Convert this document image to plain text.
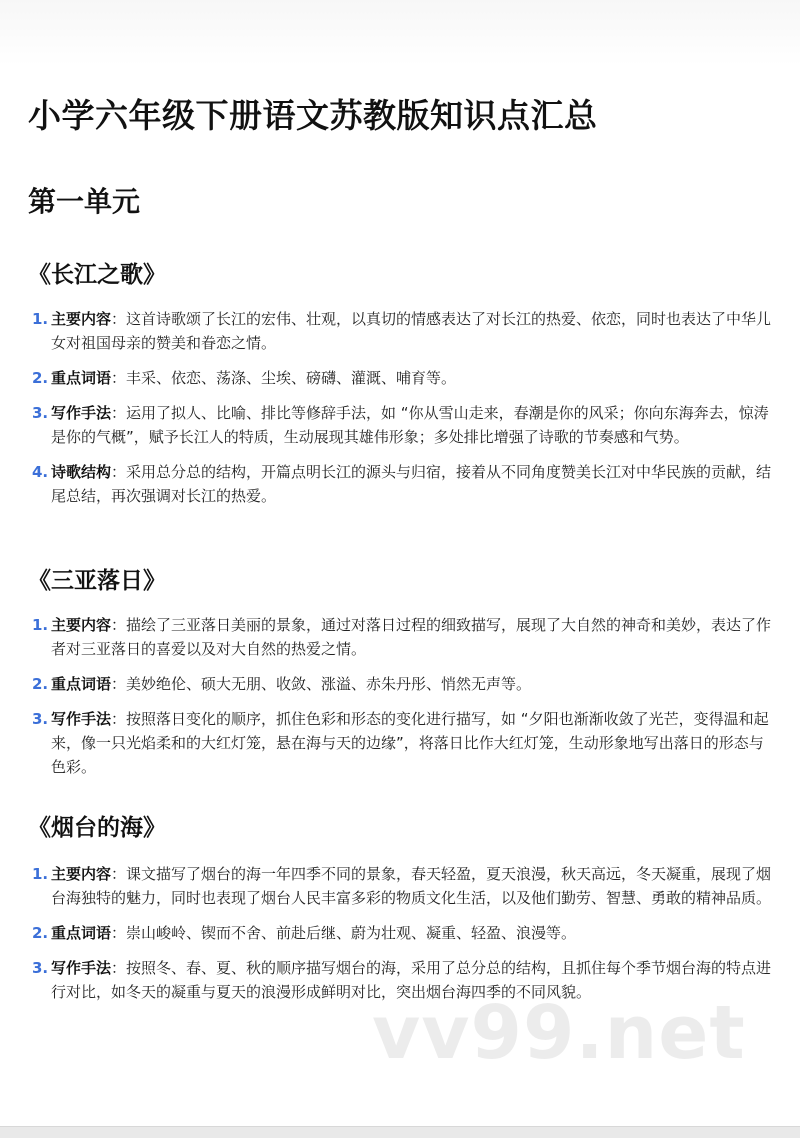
小学六年级下册语文苏教版知识点汇总
第一单元
《长江之歌》
1. 主要内容：这首诗歌颂了长江的宏伟、壮观，以真切的情感表达了对长江的热爱、依恋，同时也表达了中华儿女对祖国母亲的赞美和眷恋之情。
2. 重点词语：丰采、依恋、荡涤、尘埃、磅礴、灌溉、哺育等。
3. 写作手法：运用了拟人、比喻、排比等修辞手法，如 “你从雪山走来，春潮是你的风采；你向东海奔去，惊涛是你的气概”，赋予长江人的特质，生动展现其雄伟形象；多处排比增强了诗歌的节奏感和气势。
4. 诗歌结构：采用总分总的结构，开篇点明长江的源头与归宿，接着从不同角度赞美长江对中华民族的贡献，结尾总结，再次强调对长江的热爱。
《三亚落日》
1. 主要内容：描绘了三亚落日美丽的景象，通过对落日过程的细致描写，展现了大自然的神奇和美妙，表达了作者对三亚落日的喜爱以及对大自然的热爱之情。
2. 重点词语：美妙绝伦、硕大无朋、收敛、涨溢、赤朱丹彤、悄然无声等。
3. 写作手法：按照落日变化的顺序，抓住色彩和形态的变化进行描写，如 “夕阳也渐渐收敛了光芒，变得温和起来，像一只光焰柔和的大红灯笼，悬在海与天的边缘”，将落日比作大红灯笼，生动形象地写出落日的形态与色彩。
《烟台的海》
1. 主要内容：课文描写了烟台的海一年四季不同的景象，春天轻盈，夏天浪漫，秋天高远，冬天凝重，展现了烟台海独特的魅力，同时也表现了烟台人民丰富多彩的物质文化生活，以及他们勤劳、智慧、勇敢的精神品质。
2. 重点词语：崇山峻岭、锲而不舍、前赴后继、蔚为壮观、凝重、轻盈、浪漫等。
3. 写作手法：按照冬、春、夏、秋的顺序描写烟台的海，采用了总分总的结构，且抓住每个季节烟台海的特点进行对比，如冬天的凝重与夏天的浪漫形成鲜明对比，突出烟台海四季的不同风貌。
vv99.net
